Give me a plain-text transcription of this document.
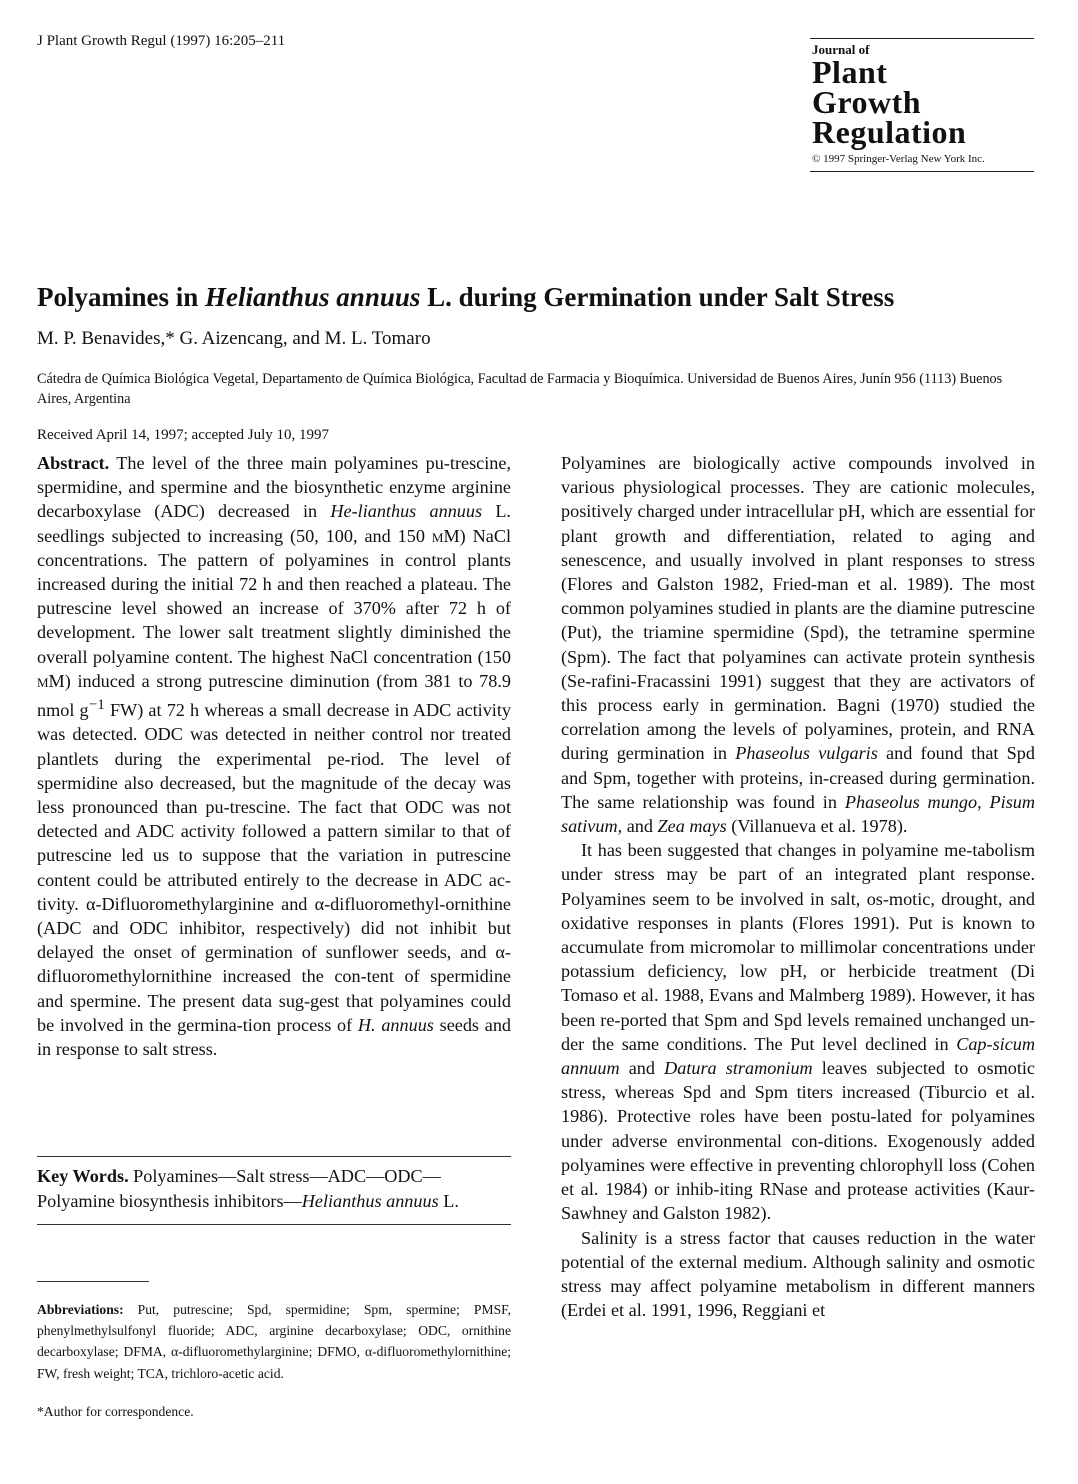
J Plant Growth Regul (1997) 16:205–211
Journal of
Plant
Growth
Regulation
© 1997 Springer-Verlag New York Inc.
Polyamines in Helianthus annuus L. during Germination under Salt Stress
M. P. Benavides,* G. Aizencang, and M. L. Tomaro
Cátedra de Química Biológica Vegetal, Departamento de Química Biológica, Facultad de Farmacia y Bioquímica. Universidad de Buenos Aires, Junín 956 (1113) Buenos Aires, Argentina
Received April 14, 1997; accepted July 10, 1997

Abstract. The level of the three main polyamines pu-trescine, spermidine, and spermine and the biosynthetic enzyme arginine decarboxylase (ADC) decreased in He-lianthus annuus L. seedlings subjected to increasing (50, 100, and 150 mM) NaCl concentrations. The pattern of polyamines in control plants increased during the initial 72 h and then reached a plateau. The putrescine level showed an increase of 370% after 72 h of development. The lower salt treatment slightly diminished the overall polyamine content. The highest NaCl concentration (150 mM) induced a strong putrescine diminution (from 381 to 78.9 nmol $g^{-1}$ FW) at 72 h whereas a small decrease in ADC activity was detected. ODC was detected in neither control nor treated plantlets during the experimental pe-riod. The level of spermidine also decreased, but the magnitude of the decay was less pronounced than pu-trescine. The fact that ODC was not detected and ADC activity followed a pattern similar to that of putrescine led us to suppose that the variation in putrescine content could be attributed entirely to the decrease in ADC ac-tivity. α-Difluoromethylarginine and α-difluoromethyl-ornithine (ADC and ODC inhibitor, respectively) did not inhibit but delayed the onset of germination of sunflower seeds, and α-difluoromethylornithine increased the con-tent of spermidine and spermine. The present data sug-gest that polyamines could be involved in the germina-tion process of H. annuus seeds and in response to salt stress.

Key Words. Polyamines—Salt stress—ADC—ODC—Polyamine biosynthesis inhibitors—Helianthus annuus L.

Abbreviations: Put, putrescine; Spd, spermidine; Spm, spermine; PMSF, phenylmethylsulfonyl fluoride; ADC, arginine decarboxylase; ODC, ornithine decarboxylase; DFMA, α-difluoromethylarginine; DFMO, α-difluoromethylornithine; FW, fresh weight; TCA, trichloro-acetic acid.

*Author for correspondence.

Polyamines are biologically active compounds involved in various physiological processes. They are cationic molecules, positively charged under intracellular pH, which are essential for plant growth and differentiation, related to aging and senescence, and usually involved in plant responses to stress (Flores and Galston 1982, Fried-man et al. 1989). The most common polyamines studied in plants are the diamine putrescine (Put), the triamine spermidine (Spd), the tetramine spermine (Spm). The fact that polyamines can activate protein synthesis (Se-rafini-Fracassini 1991) suggest that they are activators of this process early in germination. Bagni (1970) studied the correlation among the levels of polyamines, protein, and RNA during germination in Phaseolus vulgaris and found that Spd and Spm, together with proteins, in-creased during germination. The same relationship was found in Phaseolus mungo, Pisum sativum, and Zea mays (Villanueva et al. 1978).

It has been suggested that changes in polyamine me-tabolism under stress may be part of an integrated plant response. Polyamines seem to be involved in salt, os-motic, drought, and oxidative responses in plants (Flores 1991). Put is known to accumulate from micromolar to millimolar concentrations under potassium deficiency, low pH, or herbicide treatment (Di Tomaso et al. 1988, Evans and Malmberg 1989). However, it has been re-ported that Spm and Spd levels remained unchanged un-der the same conditions. The Put level declined in Cap-sicum annuum and Datura stramonium leaves subjected to osmotic stress, whereas Spd and Spm titers increased (Tiburcio et al. 1986). Protective roles have been postu-lated for polyamines under adverse environmental con-ditions. Exogenously added polyamines were effective in preventing chlorophyll loss (Cohen et al. 1984) or inhib-iting RNase and protease activities (Kaur-Sawhney and Galston 1982).

Salinity is a stress factor that causes reduction in the water potential of the external medium. Although salinity and osmotic stress may affect polyamine metabolism in different manners (Erdei et al. 1991, 1996, Reggiani et
